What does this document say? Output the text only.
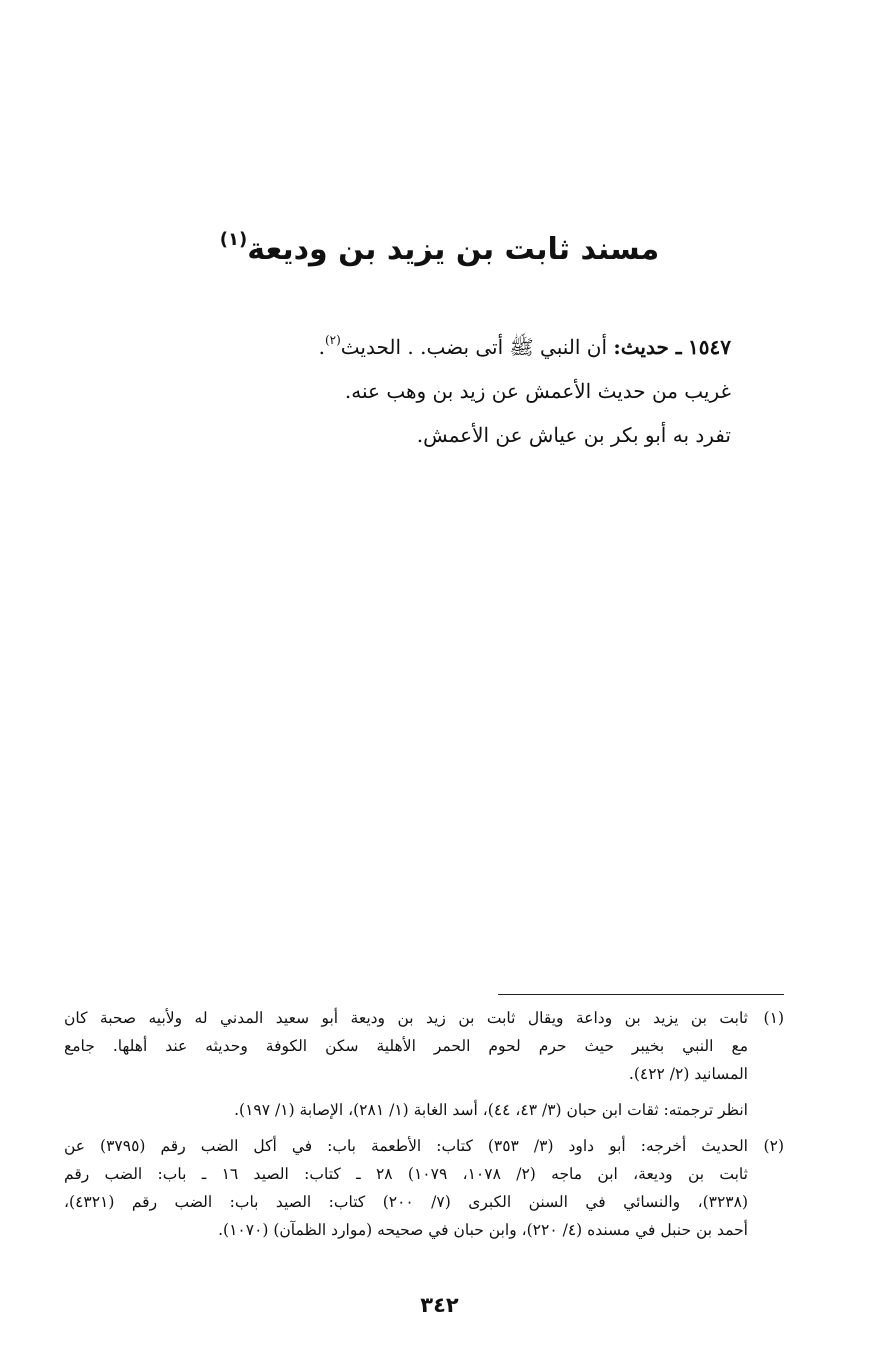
مسند ثابت بن يزيد بن وديعة$^{(١)}$

١٥٤٧ ـ حديث: أن النبي ﷺ أتى بضب. . الحديث$^{(٢)}$.

غريب من حديث الأعمش عن زيد بن وهب عنه.

تفرد به أبو بكر بن عياش عن الأعمش.

(١)
ثابت بن يزيد بن وداعة ويقال ثابت بن زيد بن وديعة أبو سعيد المدني له ولأبيه صحبة كان
مع النبي بخيبر حيث حرم لحوم الحمر الأهلية سكن الكوفة وحديثه عند أهلها. جامع
المسانيد (٢/ ٤٢٢).

انظر ترجمته: ثقات ابن حبان (٣/ ٤٣، ٤٤)، أسد الغابة (١/ ٢٨١)، الإصابة (١/ ١٩٧).

(٢)
الحديث أخرجه: أبو داود (٣/ ٣٥٣) كتاب: الأطعمة باب: في أكل الضب رقم (٣٧٩٥) عن
ثابت بن وديعة، ابن ماجه (٢/ ١٠٧٨، ١٠٧٩) ٢٨ ـ كتاب: الصيد ١٦ ـ باب: الضب رقم
(٣٢٣٨)، والنسائي في السنن الكبرى (٧/ ٢٠٠) كتاب: الصيد باب: الضب رقم (٤٣٢١)،
أحمد بن حنبل في مسنده (٤/ ٢٢٠)، وابن حبان في صحيحه (موارد الظمآن) (١٠٧٠).
٣٤٢
